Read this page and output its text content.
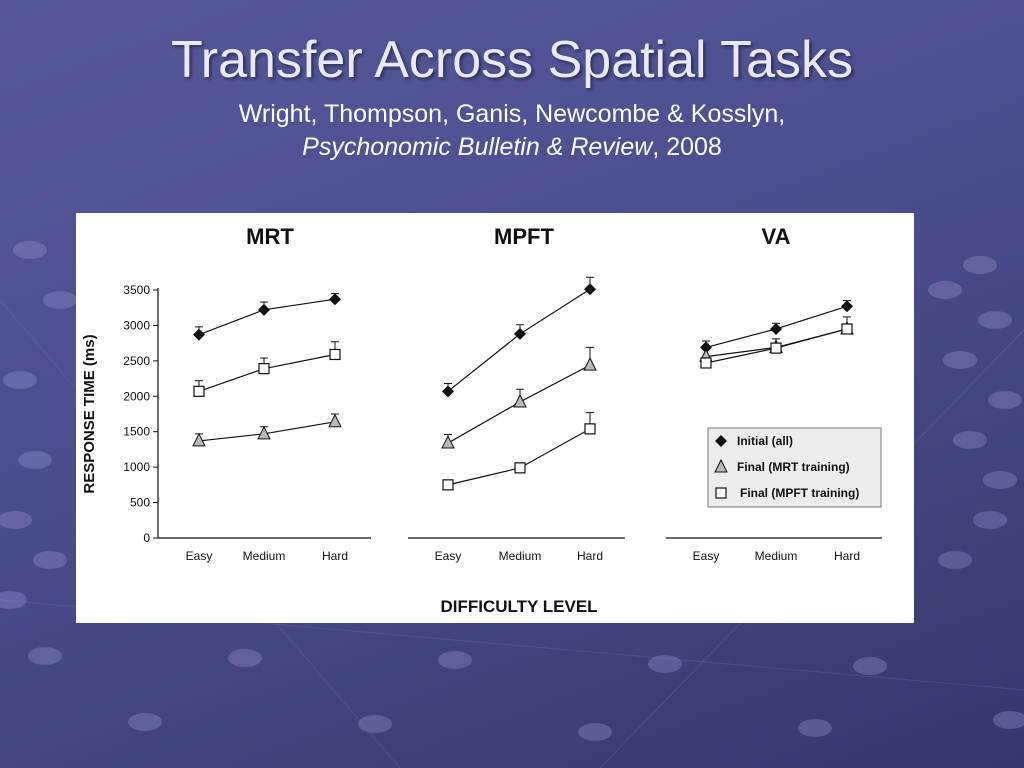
Transfer Across Spatial Tasks
Wright, Thompson, Ganis, Newcombe & Kosslyn,
Psychonomic Bulletin & Review, 2008
MRT
Easy	Medium	Hard
0
500
1000
1500
2000
2500
3000
3500
MPFT
Easy	Medium	Hard
VA
Easy	Medium	Hard
RESPONSE TIME (ms)
DIFFICULTY LEVEL
Initial (all)
Final (MRT training)
Final (MPFT training)
